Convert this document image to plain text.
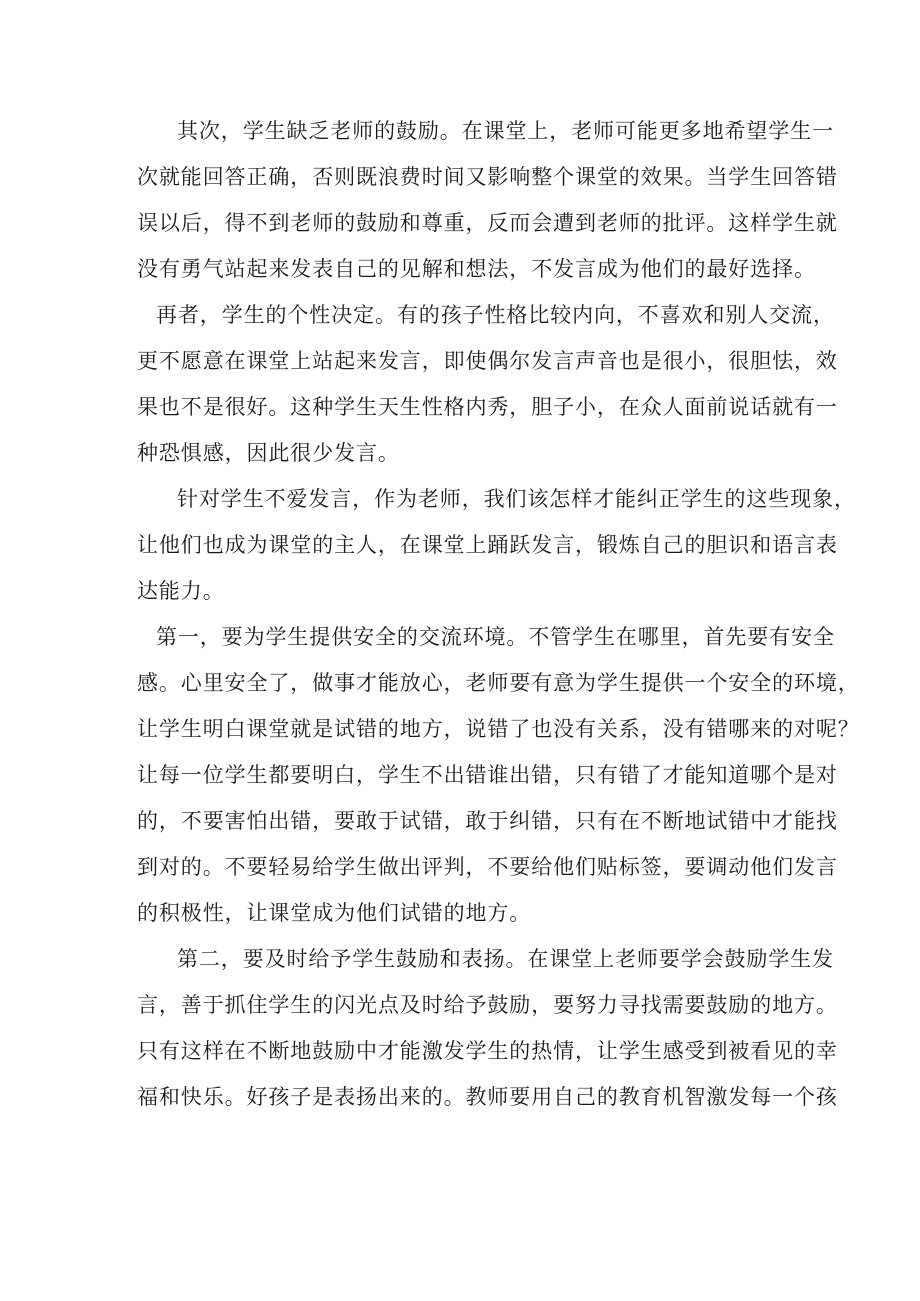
其次，学生缺乏老师的鼓励。在课堂上，老师可能更多地希望学生一

次就能回答正确，否则既浪费时间又影响整个课堂的效果。当学生回答错

误以后，得不到老师的鼓励和尊重，反而会遭到老师的批评。这样学生就

没有勇气站起来发表自己的见解和想法，不发言成为他们的最好选择。

再者，学生的个性决定。有的孩子性格比较内向，不喜欢和别人交流，

更不愿意在课堂上站起来发言，即使偶尔发言声音也是很小，很胆怯，效

果也不是很好。这种学生天生性格内秀，胆子小，在众人面前说话就有一

种恐惧感，因此很少发言。

针对学生不爱发言，作为老师，我们该怎样才能纠正学生的这些现象，

让他们也成为课堂的主人，在课堂上踊跃发言，锻炼自己的胆识和语言表

达能力。

第一，要为学生提供安全的交流环境。不管学生在哪里，首先要有安全

感。心里安全了，做事才能放心，老师要有意为学生提供一个安全的环境，

让学生明白课堂就是试错的地方，说错了也没有关系，没有错哪来的对呢？

让每一位学生都要明白，学生不出错谁出错，只有错了才能知道哪个是对

的，不要害怕出错，要敢于试错，敢于纠错，只有在不断地试错中才能找

到对的。不要轻易给学生做出评判，不要给他们贴标签，要调动他们发言

的积极性，让课堂成为他们试错的地方。

第二，要及时给予学生鼓励和表扬。在课堂上老师要学会鼓励学生发

言，善于抓住学生的闪光点及时给予鼓励，要努力寻找需要鼓励的地方。

只有这样在不断地鼓励中才能激发学生的热情，让学生感受到被看见的幸

福和快乐。好孩子是表扬出来的。教师要用自己的教育机智激发每一个孩
